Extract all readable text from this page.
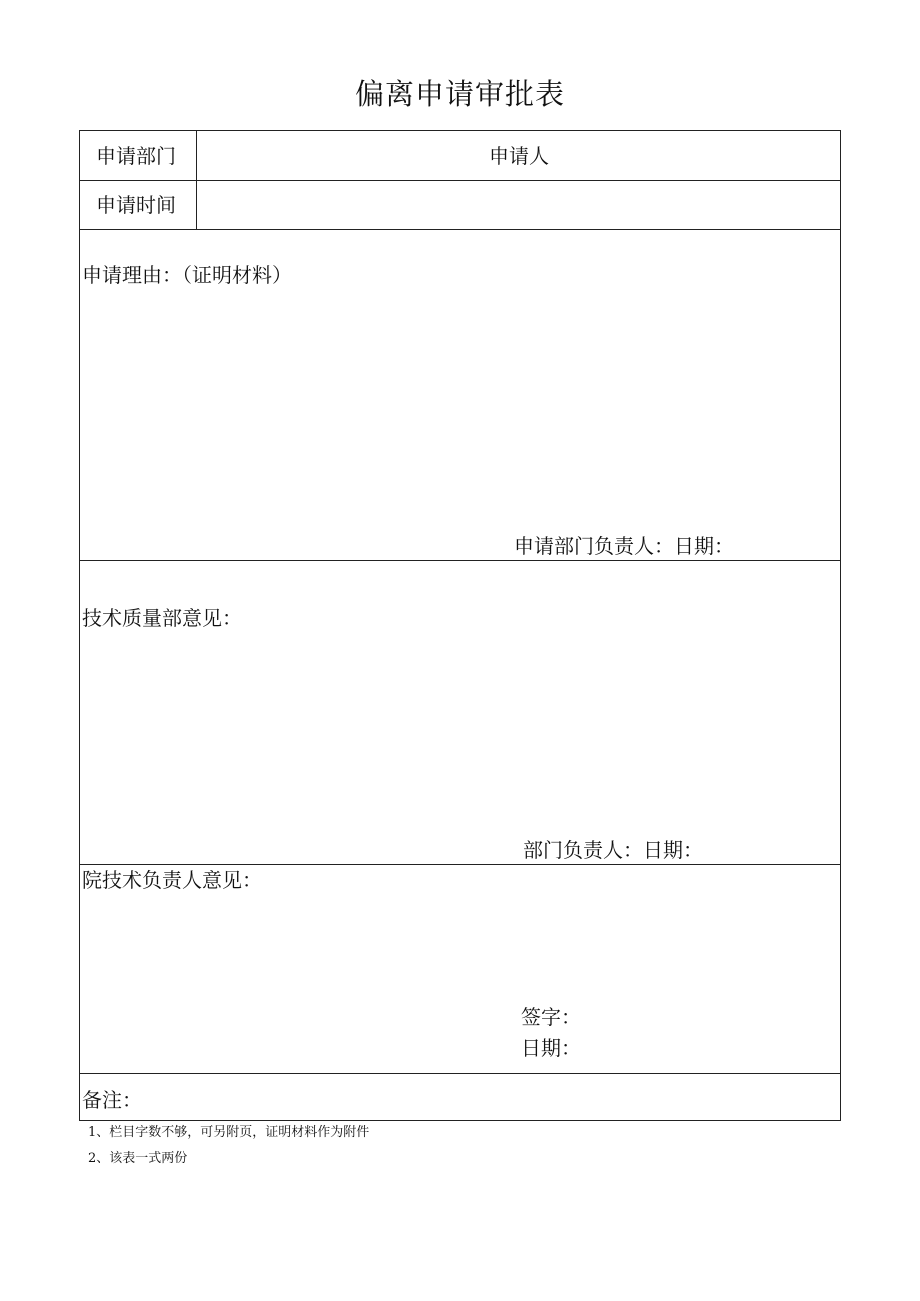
偏离申请审批表
申请部门	申请人
申请时间
申请理由：（证明材料）
申请部门负责人：日期：
技术质量部意见：
部门负责人：日期：
院技术负责人意见：
签字：
日期：
备注：
1、栏目字数不够，可另附页，证明材料作为附件
2、该表一式两份
